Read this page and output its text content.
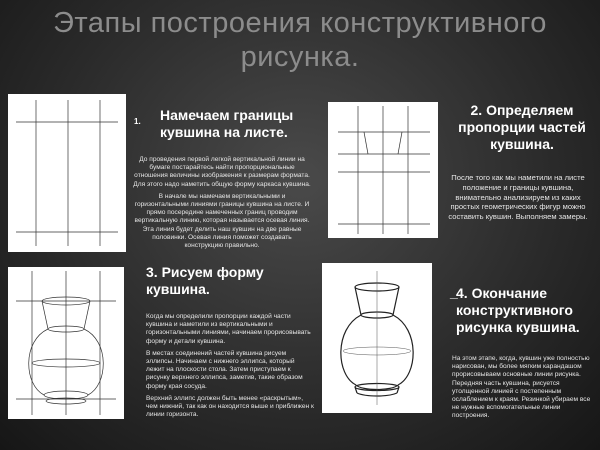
Этапы построения конструктивного рисунка.
1. Намечаем границы кувшина на листе.

До проведения первой легкой вертикальной линии на бумаге постарайтесь найти пропорциональные отношения величины изображения к размерам формата. Для этого надо наметить общую форму каркаса кувшина.

В начале мы намечаем вертикальными и горизонтальными линиями границы кувшина на листе. И прямо посередине намеченных границ проводим вертикальную линию, которая называется осевая линия. Эта линия будет делить наш кувшин на две равные половинки. Осевая линия поможет создавать конструкцию правильно.

2. Определяем пропорции частей кувшина.

После того как мы наметили на листе положение и границы кувшина, внимательно анализируем из каких простых геометрических фигур можно составить кувшин. Выполняем замеры.

3. Рисуем форму кувшина.

Когда мы определили пропорции каждой части кувшина и наметили из вертикальными и горизонтальными линиями, начинаем прорисовывать форму и детали кувшина.

В местах соединений частей кувшина рисуем эллипсы. Начинаем с нижнего эллипса, который лежит на плоскости стола. Затем приступаем к рисунку верхнего эллипса, заметив, такие образом форму края сосуда.

Верхний эллипс должен быть менее «раскрытым», чем нижний, так как он находится выше и приближен к линии горизонта.

_
4. Окончание конструктивного рисунка кувшина.

На этом этапе, когда, кувшин уже полностью нарисован, мы более мягким карандашом прорисовываем основные линии рисунка. Передняя часть кувшина, рисуется утолщенной линией с постепенным ослаблением к краям. Резинкой убираем все не нужные вспомогательные линии построения.
